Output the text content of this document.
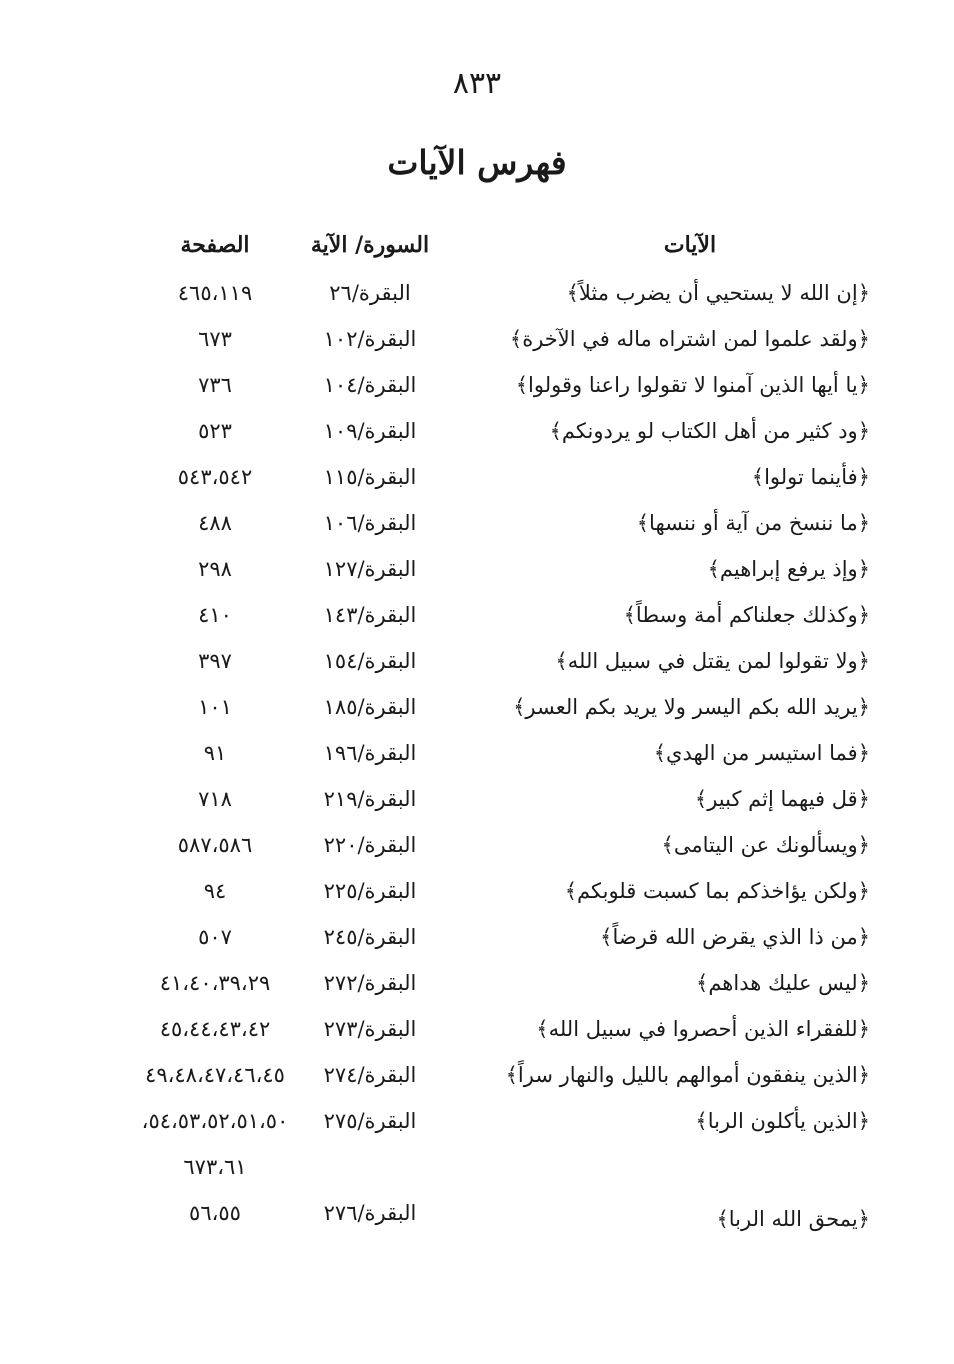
٨٣٣
فهرس الآيات
الآيات
السورة/ الآية
الصفحة
﴿إن الله لا يستحيي أن يضرب مثلاً﴾
البقرة/٢٦
٤٦٥،١١٩
﴿ولقد علموا لمن اشتراه ماله في الآخرة﴾
البقرة/١٠٢
٦٧٣
﴿يا أيها الذين آمنوا لا تقولوا راعنا وقولوا﴾
البقرة/١٠٤
٧٣٦
﴿ود كثير من أهل الكتاب لو يردونكم﴾
البقرة/١٠٩
٥٢٣
﴿فأينما تولوا﴾
البقرة/١١٥
٥٤٣،٥٤٢
﴿ما ننسخ من آية أو ننسها﴾
البقرة/١٠٦
٤٨٨
﴿وإذ يرفع إبراهيم﴾
البقرة/١٢٧
٢٩٨
﴿وكذلك جعلناكم أمة وسطاً﴾
البقرة/١٤٣
٤١٠
﴿ولا تقولوا لمن يقتل في سبيل الله﴾
البقرة/١٥٤
٣٩٧
﴿يريد الله بكم اليسر ولا يريد بكم العسر﴾
البقرة/١٨٥
١٠١
﴿فما استيسر من الهدي﴾
البقرة/١٩٦
٩١
﴿قل فيهما إثم كبير﴾
البقرة/٢١٩
٧١٨
﴿ويسألونك عن اليتامى﴾
البقرة/٢٢٠
٥٨٧،٥٨٦
﴿ولكن يؤاخذكم بما كسبت قلوبكم﴾
البقرة/٢٢٥
٩٤
﴿من ذا الذي يقرض الله قرضاً﴾
البقرة/٢٤٥
٥٠٧
﴿ليس عليك هداهم﴾
البقرة/٢٧٢
٤١،٤٠،٣٩،٢٩
﴿للفقراء الذين أحصروا في سبيل الله﴾
البقرة/٢٧٣
٤٥،٤٤،٤٣،٤٢
﴿الذين ينفقون أموالهم بالليل والنهار سراً﴾
البقرة/٢٧٤
٤٩،٤٨،٤٧،٤٦،٤٥
﴿الذين يأكلون الربا﴾
البقرة/٢٧٥
٥٤،٥٣،٥٢،٥١،٥٠،
٦٧٣،٦١
﴿يمحق الله الربا﴾
البقرة/٢٧٦
٥٦،٥٥
